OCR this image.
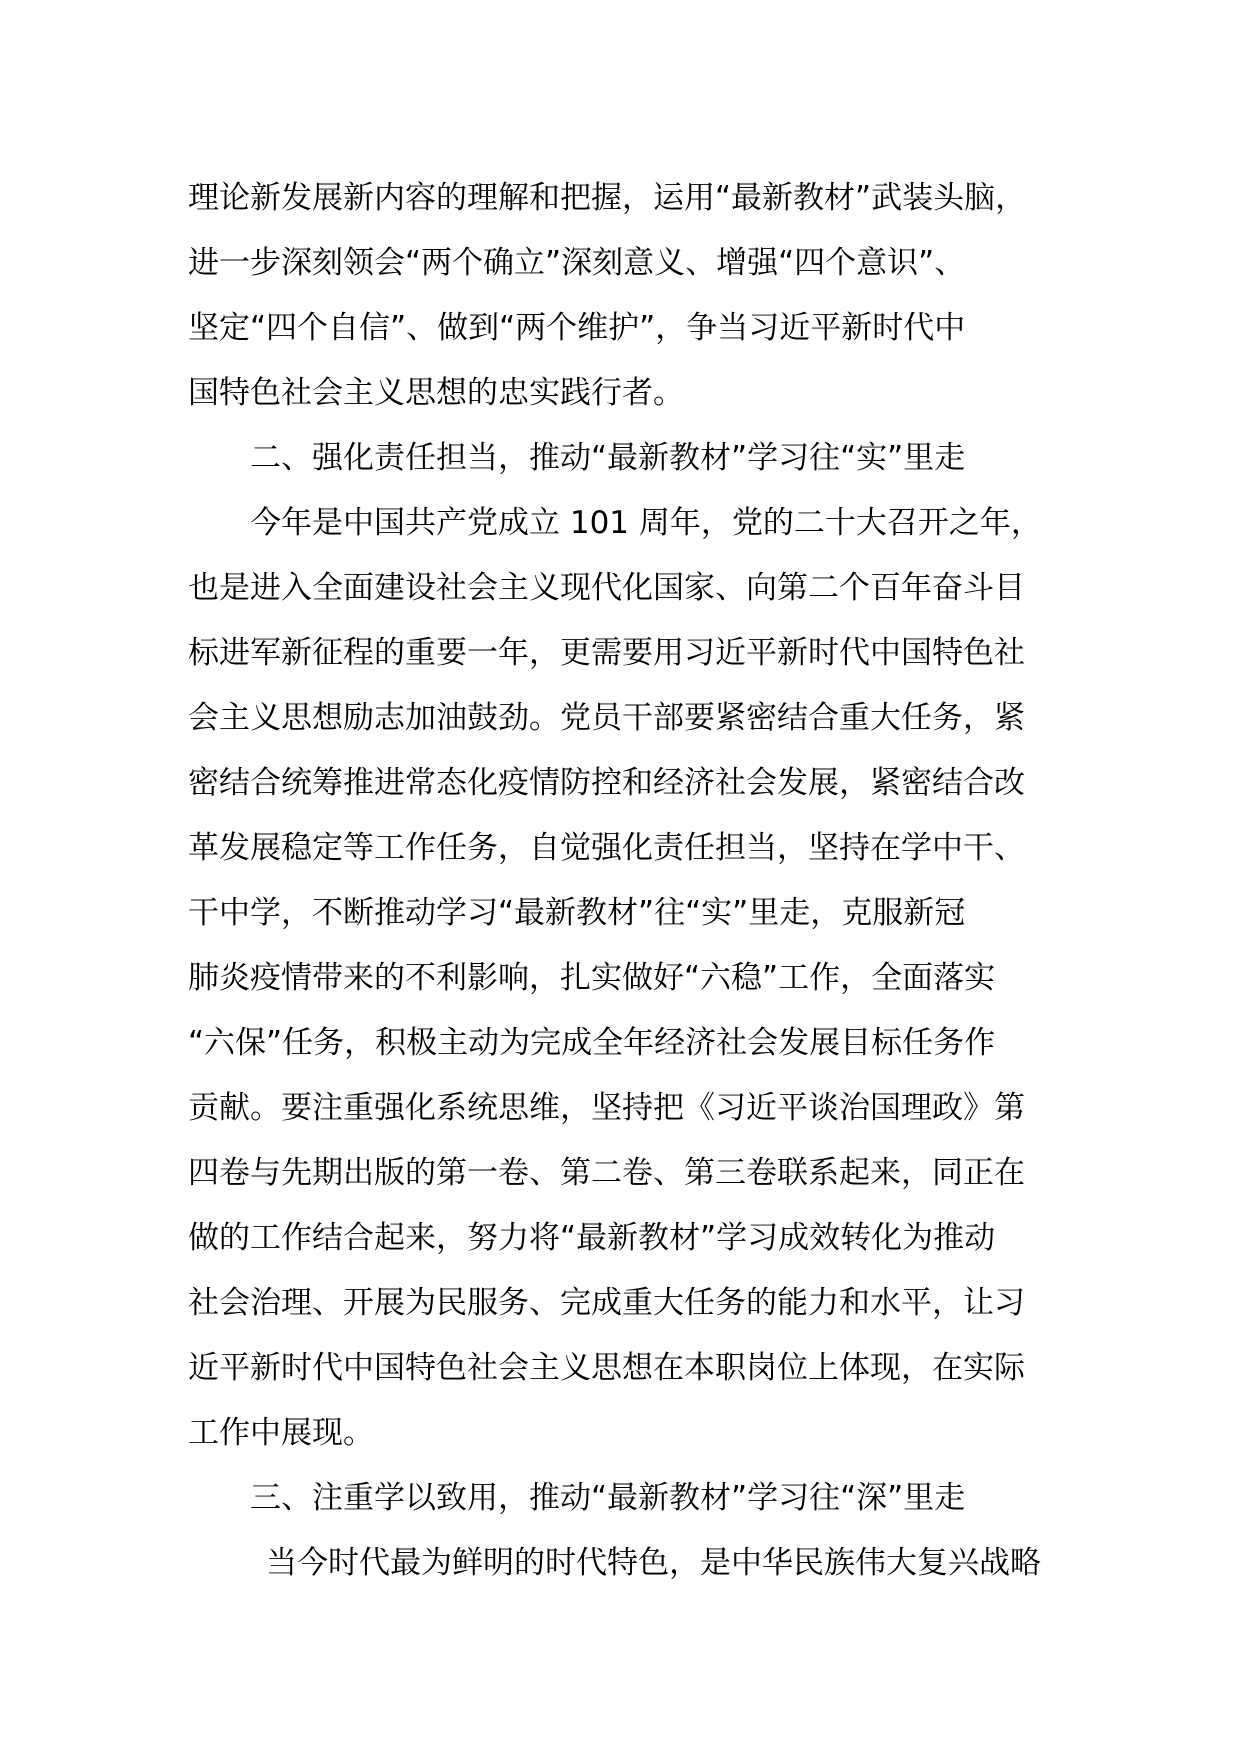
理论新发展新内容的理解和把握，运用“最新教材”武装头脑，
进一步深刻领会“两个确立”深刻意义、增强“四个意识”、
坚定“四个自信”、做到“两个维护”，争当习近平新时代中
国特色社会主义思想的忠实践行者。
二、强化责任担当，推动“最新教材”学习往“实”里走
今年是中国共产党成立 101 周年，党的二十大召开之年，
也是进入全面建设社会主义现代化国家、向第二个百年奋斗目
标进军新征程的重要一年，更需要用习近平新时代中国特色社
会主义思想励志加油鼓劲。党员干部要紧密结合重大任务，紧
密结合统筹推进常态化疫情防控和经济社会发展，紧密结合改
革发展稳定等工作任务，自觉强化责任担当，坚持在学中干、
干中学，不断推动学习“最新教材”往“实”里走，克服新冠
肺炎疫情带来的不利影响，扎实做好“六稳”工作，全面落实
“六保”任务，积极主动为完成全年经济社会发展目标任务作
贡献。要注重强化系统思维，坚持把《习近平谈治国理政》第
四卷与先期出版的第一卷、第二卷、第三卷联系起来，同正在
做的工作结合起来，努力将“最新教材”学习成效转化为推动
社会治理、开展为民服务、完成重大任务的能力和水平，让习
近平新时代中国特色社会主义思想在本职岗位上体现，在实际
工作中展现。
三、注重学以致用，推动“最新教材”学习往“深”里走
当今时代最为鲜明的时代特色，是中华民族伟大复兴战略
